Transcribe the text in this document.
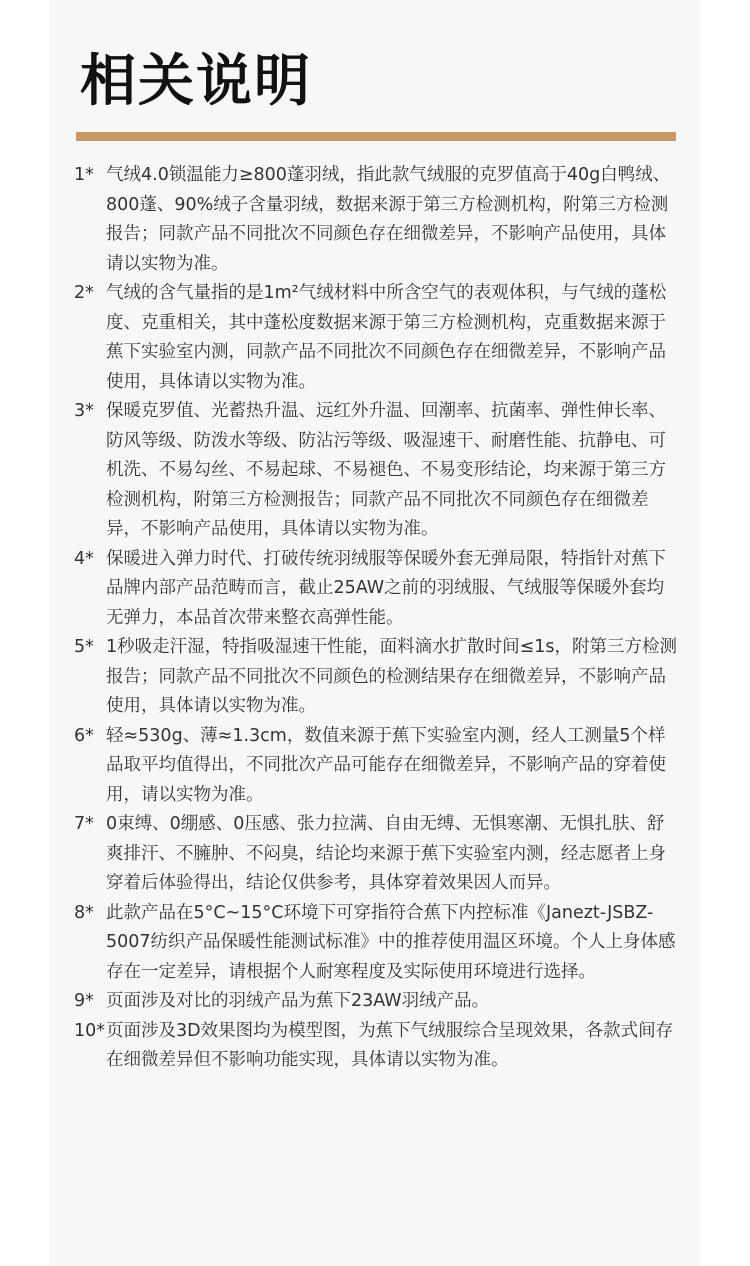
相关说明
1* 气绒4.0锁温能力≥800蓬羽绒，指此款气绒服的克罗值高于40g白鸭绒、800蓬、90%绒子含量羽绒，数据来源于第三方检测机构，附第三方检测报告；同款产品不同批次不同颜色存在细微差异，不影响产品使用，具体请以实物为准。
2* 气绒的含气量指的是1m²气绒材料中所含空气的表观体积，与气绒的蓬松度、克重相关，其中蓬松度数据来源于第三方检测机构，克重数据来源于蕉下实验室内测，同款产品不同批次不同颜色存在细微差异，不影响产品使用，具体请以实物为准。
3* 保暖克罗值、光蓄热升温、远红外升温、回潮率、抗菌率、弹性伸长率、防风等级、防泼水等级、防沾污等级、吸湿速干、耐磨性能、抗静电、可机洗、不易勾丝、不易起球、不易褪色、不易变形结论，均来源于第三方检测机构，附第三方检测报告；同款产品不同批次不同颜色存在细微差异，不影响产品使用，具体请以实物为准。
4* 保暖进入弹力时代、打破传统羽绒服等保暖外套无弹局限，特指针对蕉下品牌内部产品范畴而言，截止25AW之前的羽绒服、气绒服等保暖外套均无弹力，本品首次带来整衣高弹性能。
5* 1秒吸走汗湿，特指吸湿速干性能，面料滴水扩散时间≤1s，附第三方检测报告；同款产品不同批次不同颜色的检测结果存在细微差异，不影响产品使用，具体请以实物为准。
6* 轻≈530g、薄≈1.3cm，数值来源于蕉下实验室内测，经人工测量5个样品取平均值得出，不同批次产品可能存在细微差异，不影响产品的穿着使用，请以实物为准。
7* 0束缚、0绷感、0压感、张力拉满、自由无缚、无惧寒潮、无惧扎肤、舒爽排汗、不臃肿、不闷臭，结论均来源于蕉下实验室内测，经志愿者上身穿着后体验得出，结论仅供参考，具体穿着效果因人而异。
8* 此款产品在5°C~15°C环境下可穿指符合蕉下内控标准《Janezt-JSBZ-5007纺织产品保暖性能测试标准》中的推荐使用温区环境。个人上身体感存在一定差异，请根据个人耐寒程度及实际使用环境进行选择。
9* 页面涉及对比的羽绒产品为蕉下23AW羽绒产品。
10* 页面涉及3D效果图均为模型图，为蕉下气绒服综合呈现效果，各款式间存在细微差异但不影响功能实现，具体请以实物为准。
